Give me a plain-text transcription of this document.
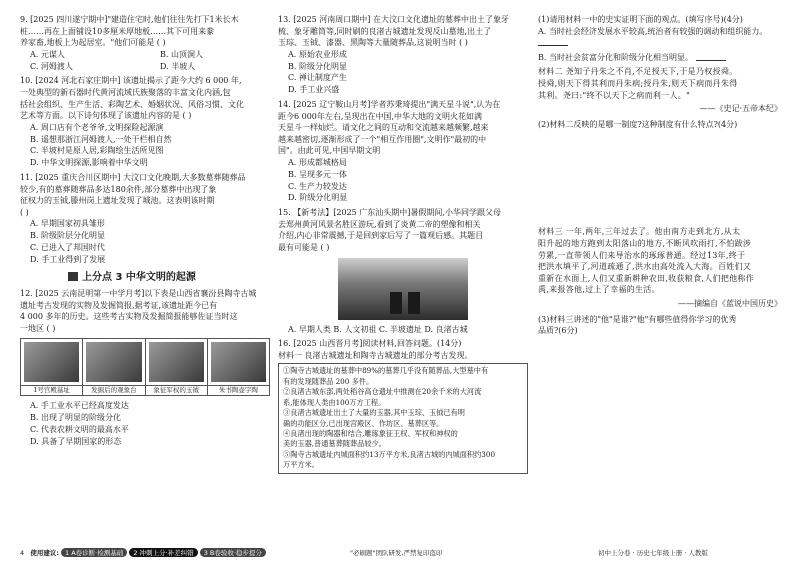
9. [2025 四川遂宁期中]"建造住宅时,他们往往先打下1米长木
桩……再在上面铺设10多厘米厚地板……其下可用来豢
养家畜,地板上为起居室。"他们可能是 ( )
A. 元谋人	B. 山顶洞人
C. 河姆渡人	D. 半坡人
10. [2024 河北石家庄期中] 该遗址揭示了距今大约 6 000 年,
一处典型的新石器时代黄河流域氏族聚落的丰富文化内涵,包
括社会组织、生产生活、彩陶艺术、婚姻状况、风俗习惯、文化
艺术等方面。以下诗句体现了该遗址内容的是 ( )
A. 周口店有个老爷爷,文明探险起源演
B. 遥想那浙江河姆渡人,一处干栏相自然
C. 半坡村是原人居,彩陶绘生活所见图
D. 中华文明探源,影响着中华文明
11. [2025 重庆合川区期中] 大汶口文化晚期,大多数墓葬随葬品
较少,有的墓葬随葬品多达180余件,部分墓葬中出现了象
征权力的玉钺,滕州岗上遗址发现了城池。这表明该时期
( )
A. 早期国家初具雏形
B. 阶级阶层分化明显
C. 已进入了邦国时代
D. 手工业得到了发展
上分点 3 中华文明的起源
12. [2025 云南昆明第一中学月考]以下表是山西省襄汾县陶寺古城
遗址考古发现的实物及发掘简报,据考证,该遗址距今已有
4 000 多年的历史。这些考古实物及发掘简报能够佐证当时这
一地区 ( )
1号宫殿基址	发掘后的观象台	象征军权的玉钺	朱书陶壶字陶
A. 手工业水平已经高度发达
B. 出现了明显的阶级分化
C. 代表农耕文明的最高水平
D. 具备了早期国家的形态
13. [2025 河南周口期中] 在大汶口文化遗址的墓葬中出土了象牙
梳、象牙雕筒等,同时刷的良渚古城遗址发现反山墓地,出土了
玉琮、玉钺、漆器、黑陶等大量随葬品,这说明当时 ( )
A. 原始农业形成
B. 阶级分化明显
C. 禅让制度产生
D. 手工业兴盛
14. [2025 辽宁鞍山月考]学者苏秉琦提出"满天星斗说",认为在
距今6 000年左右,呈现出在中国,中华大地的文明火花如满
天星斗一样灿烂。请文化之间的互动和交流越来越频繁,越来
越来越密切,逐渐形成了一个"相互作用圈",文明作"最初的中
国"。由此可见,中国早期文明
A. 形成都城格局
B. 呈现多元一体
C. 生产力较发达
D. 阶级分化明显
15. 【新考法】[2025 广东汕头期中]暑假期间,小华同学跟父母
去郑州黄河风景名胜区游玩,看到了炎黄二帝的塑像和相关
介绍,内心非常震撼,于是回到家后写了一篇观后感。其题目
最有可能是 ( )
A. 早期人类 B. 人文初祖 C. 半坡遗址 D. 良渚古城
16. [2025 山西晋月考]阅读材料,回答问题。(14分)
材料一 良渚古城遗址和陶寺古城遗址的部分考古发现。
①陶寺古城遗址的墓葬中89%的墓葬几乎没有随葬品,大型墓中有
有的发现随葬品 200 多件。
②良渚古城东部,两处稻谷高仓遗址中推测在20余千米的大河流
系,能体现人类由100万方工程。
③良渚古城遗址出土了大量的玉器,其中玉琮、玉钺已有明
确的功能区分,已出现宫殿区、作坊区、墓葬区等。
④良渚出现的陶器和结合,雕琢象征王权、军权和神权的
美的玉器,普通墓葬随葬品较少。
⑤陶寺古城遗址内城面积约13万平方米,良渚古城的内城面积约300
万平方米。
(1)请用材料一中的史实证明下面的观点。(填写序号)(4分)
A. 当时社会经济发展水平较高,统治者有较强的调动和组织能力。
B. 当时社会贫富分化和阶级分化相当明显。
材料二 尧知子丹朱之不肖,不足授天下,于是乃权授舜。
授舜,则天下得其利而丹朱病;授丹朱,则天下病而丹朱得
其利。尧曰:"终不以天下之病而利一人。"
——《史记·五帝本纪》
(2)材料二反映的是哪一制度?这种制度有什么特点?(4分)
材料三 一年,两年,三年过去了。他由南方走到北方,从太
阳升起的地方跑到太阳落山的地方,不断风吹雨打,不怕跋涉
劳累,一直带领人们来导治水的琢琢普通。经过13年,终于
把洪水填平了,河道疏通了,洪水由高处流入大海。百姓们又
重新在水面上,人们又重新耕种农田,收获粮食,人们把他称作
禹,来报答他,过上了幸福的生活。
——摘编自《蓝说中国历史》
(3)材料三讲述的"他"是谁?"他"有哪些值得你学习的优秀
品质?(6分)
4 使用建议: 1 A卷诊断·检测基础 2 冲刺上分·补差纠错 3 B卷验收·稳步提分	"必刷题"团队研发,严禁复印盗印	初中上分卷 · 历史七年级上册 · 人教版
